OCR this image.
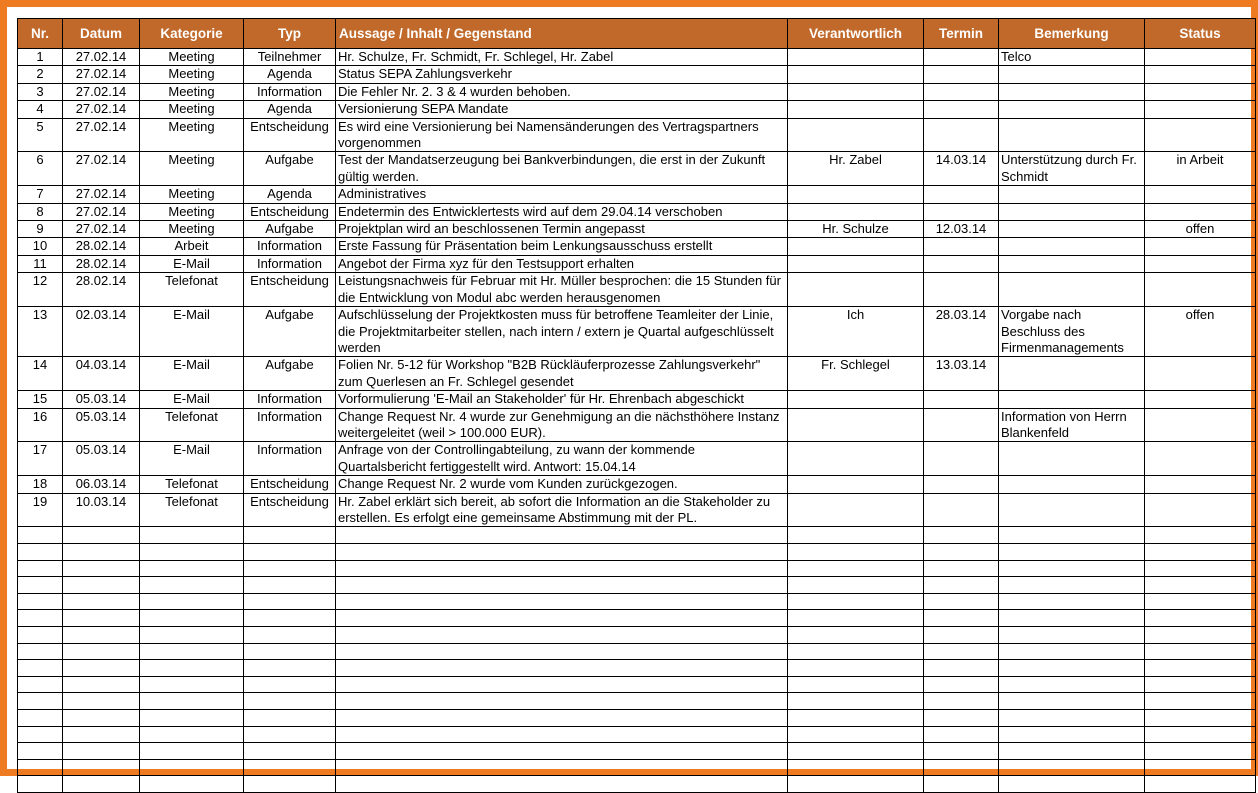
Nr.	Datum	Kategorie	Typ	Aussage / Inhalt / Gegenstand	Verantwortlich	Termin	Bemerkung	Status
1	27.02.14	Meeting	Teilnehmer	Hr. Schulze, Fr. Schmidt, Fr. Schlegel, Hr. Zabel			Telco	
2	27.02.14	Meeting	Agenda	Status SEPA Zahlungsverkehr				
3	27.02.14	Meeting	Information	Die Fehler Nr. 2. 3 & 4 wurden behoben.				
4	27.02.14	Meeting	Agenda	Versionierung SEPA Mandate				
5	27.02.14	Meeting	Entscheidung	Es wird eine Versionierung bei Namensänderungen des Vertragspartners vorgenommen				
6	27.02.14	Meeting	Aufgabe	Test der Mandatserzeugung bei Bankverbindungen, die erst in der Zukunft gültig werden.	Hr. Zabel	14.03.14	Unterstützung durch Fr. Schmidt	in Arbeit
7	27.02.14	Meeting	Agenda	Administratives				
8	27.02.14	Meeting	Entscheidung	Endetermin des Entwicklertests wird auf dem 29.04.14 verschoben				
9	27.02.14	Meeting	Aufgabe	Projektplan wird an beschlossenen Termin angepasst	Hr. Schulze	12.03.14		offen
10	28.02.14	Arbeit	Information	Erste Fassung für Präsentation beim Lenkungsausschuss erstellt				
11	28.02.14	E-Mail	Information	Angebot der Firma xyz für den Testsupport erhalten				
12	28.02.14	Telefonat	Entscheidung	Leistungsnachweis für Februar mit Hr. Müller besprochen: die 15 Stunden für die Entwicklung von Modul abc werden herausgenomen				
13	02.03.14	E-Mail	Aufgabe	Aufschlüsselung der Projektkosten muss für betroffene Teamleiter der Linie, die Projektmitarbeiter stellen, nach intern / extern je Quartal aufgeschlüsselt werden	Ich	28.03.14	Vorgabe nach Beschluss des Firmenmanagements	offen
14	04.03.14	E-Mail	Aufgabe	Folien Nr. 5-12 für Workshop "B2B Rückläuferprozesse Zahlungsverkehr" zum Querlesen an Fr. Schlegel gesendet	Fr. Schlegel	13.03.14		
15	05.03.14	E-Mail	Information	Vorformulierung 'E-Mail an Stakeholder' für Hr. Ehrenbach abgeschickt				
16	05.03.14	Telefonat	Information	Change Request Nr. 4 wurde zur Genehmigung an die nächsthöhere Instanz weitergeleitet (weil > 100.000 EUR).			Information von Herrn Blankenfeld	
17	05.03.14	E-Mail	Information	Anfrage von der Controllingabteilung, zu wann der kommende Quartalsbericht fertiggestellt wird. Antwort: 15.04.14				
18	06.03.14	Telefonat	Entscheidung	Change Request Nr. 2 wurde vom Kunden zurückgezogen.				
19	10.03.14	Telefonat	Entscheidung	Hr. Zabel erklärt sich bereit, ab sofort die Information an die Stakeholder zu erstellen. Es erfolgt eine gemeinsame Abstimmung mit der PL.				
